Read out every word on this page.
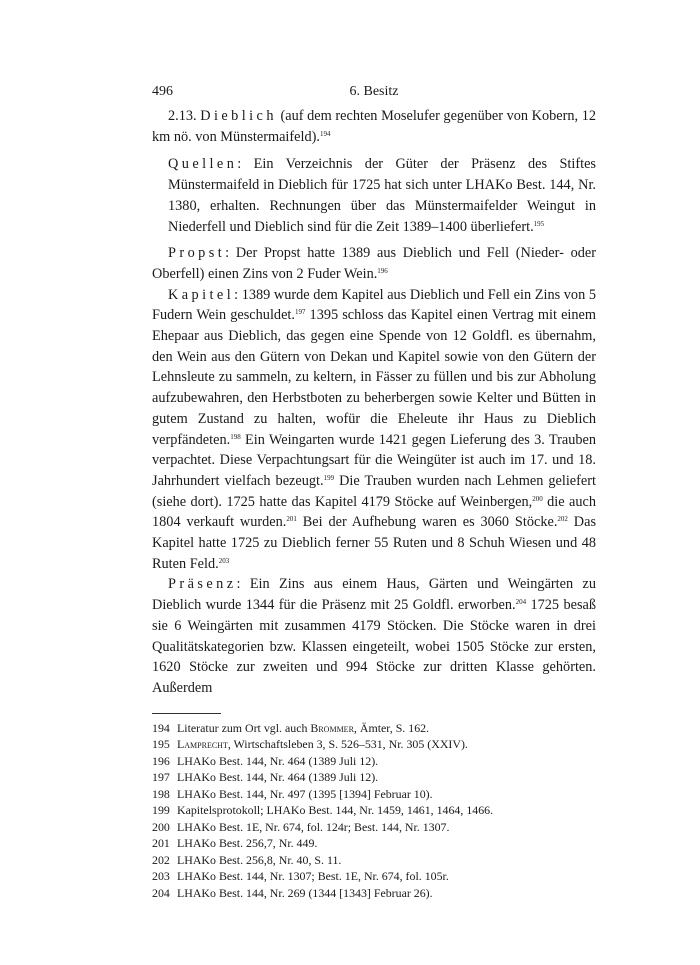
496	6. Besitz

2.13. Dieblich (auf dem rechten Moselufer gegenüber von Kobern, 12 km nö. von Münstermaifeld).$^{194}$

Quellen: Ein Verzeichnis der Güter der Präsenz des Stiftes Münstermaifeld in Dieblich für 1725 hat sich unter LHAKo Best. 144, Nr. 1380, erhalten. Rechnungen über das Münstermaifelder Weingut in Niederfell und Dieblich sind für die Zeit 1389–1400 überliefert.$^{195}$

Propst: Der Propst hatte 1389 aus Dieblich und Fell (Nieder- oder Oberfell) einen Zins von 2 Fuder Wein.$^{196}$

Kapitel: 1389 wurde dem Kapitel aus Dieblich und Fell ein Zins von 5 Fudern Wein geschuldet.$^{197}$ 1395 schloss das Kapitel einen Vertrag mit einem Ehepaar aus Dieblich, das gegen eine Spende von 12 Goldfl. es übernahm, den Wein aus den Gütern von Dekan und Kapitel sowie von den Gütern der Lehnsleute zu sammeln, zu keltern, in Fässer zu füllen und bis zur Abholung aufzubewahren, den Herbstboten zu beherbergen sowie Kelter und Bütten in gutem Zustand zu halten, wofür die Eheleute ihr Haus zu Dieblich verpfändeten.$^{198}$ Ein Weingarten wurde 1421 gegen Lieferung des 3. Trauben verpachtet. Diese Verpachtungsart für die Weingüter ist auch im 17. und 18. Jahrhundert vielfach bezeugt.$^{199}$ Die Trauben wurden nach Lehmen geliefert (siehe dort). 1725 hatte das Kapitel 4179 Stöcke auf Weinbergen,$^{200}$ die auch 1804 verkauft wurden.$^{201}$ Bei der Aufhebung waren es 3060 Stöcke.$^{202}$ Das Kapitel hatte 1725 zu Dieblich ferner 55 Ruten und 8 Schuh Wiesen und 48 Ruten Feld.$^{203}$

Präsenz: Ein Zins aus einem Haus, Gärten und Weingärten zu Dieblich wurde 1344 für die Präsenz mit 25 Goldfl. erworben.$^{204}$ 1725 besaß sie 6 Weingärten mit zusammen 4179 Stöcken. Die Stöcke waren in drei Qualitätskategorien bzw. Klassen eingeteilt, wobei 1505 Stöcke zur ersten, 1620 Stöcke zur zweiten und 994 Stöcke zur dritten Klasse gehörten. Außerdem

194 Literatur zum Ort vgl. auch Brommer, Ämter, S. 162.
195 Lamprecht, Wirtschaftsleben 3, S. 526–531, Nr. 305 (XXIV).
196 LHAKo Best. 144, Nr. 464 (1389 Juli 12).
197 LHAKo Best. 144, Nr. 464 (1389 Juli 12).
198 LHAKo Best. 144, Nr. 497 (1395 [1394] Februar 10).
199 Kapitelsprotokoll; LHAKo Best. 144, Nr. 1459, 1461, 1464, 1466.
200 LHAKo Best. 1E, Nr. 674, fol. 124r; Best. 144, Nr. 1307.
201 LHAKo Best. 256,7, Nr. 449.
202 LHAKo Best. 256,8, Nr. 40, S. 11.
203 LHAKo Best. 144, Nr. 1307; Best. 1E, Nr. 674, fol. 105r.
204 LHAKo Best. 144, Nr. 269 (1344 [1343] Februar 26).
